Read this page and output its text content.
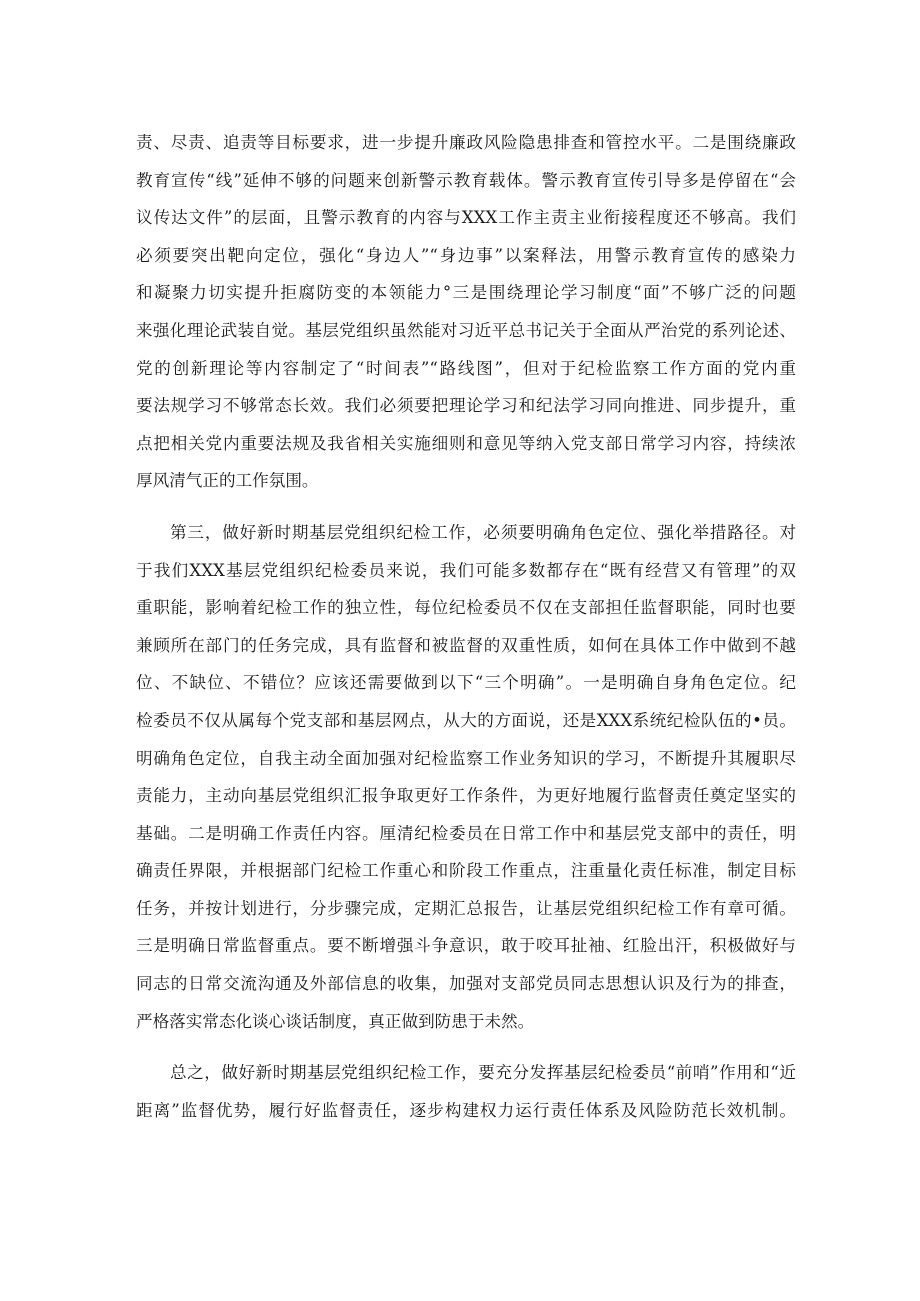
责、尽责、追责等目标要求，进一步提升廉政风险隐患排查和管控水平。二是围绕廉政
教育宣传“线”延伸不够的问题来创新警示教育载体。警示教育宣传引导多是停留在“会
议传达文件”的层面，且警示教育的内容与XXX工作主责主业衔接程度还不够高。我们
必须要突出靶向定位，强化“身边人”“身边事”以案释法，用警示教育宣传的感染力
和凝聚力切实提升拒腐防变的本领能力°三是围绕理论学习制度“面”不够广泛的问题
来强化理论武装自觉。基层党组织虽然能对习近平总书记关于全面从严治党的系列论述、
党的创新理论等内容制定了“时间表”“路线图”，但对于纪检监察工作方面的党内重
要法规学习不够常态长效。我们必须要把理论学习和纪法学习同向推进、同步提升，重
点把相关党内重要法规及我省相关实施细则和意见等纳入党支部日常学习内容，持续浓
厚风清气正的工作氛围。
第三，做好新时期基层党组织纪检工作，必须要明确角色定位、强化举措路径。对
于我们XXX基层党组织纪检委员来说，我们可能多数都存在“既有经营又有管理”的双
重职能，影响着纪检工作的独立性，每位纪检委员不仅在支部担任监督职能，同时也要
兼顾所在部门的任务完成，具有监督和被监督的双重性质，如何在具体工作中做到不越
位、不缺位、不错位？应该还需要做到以下“三个明确”。一是明确自身角色定位。纪
检委员不仅从属每个党支部和基层网点，从大的方面说，还是XXX系统纪检队伍的•员。
明确角色定位，自我主动全面加强对纪检监察工作业务知识的学习，不断提升其履职尽
责能力，主动向基层党组织汇报争取更好工作条件，为更好地履行监督责任奠定坚实的
基础。二是明确工作责任内容。厘清纪检委员在日常工作中和基层党支部中的责任，明
确责任界限，并根据部门纪检工作重心和阶段工作重点，注重量化责任标准，制定目标
任务，并按计划进行，分步骤完成，定期汇总报告，让基层党组织纪检工作有章可循。
三是明确日常监督重点。要不断增强斗争意识，敢于咬耳扯袖、红脸出汗，积极做好与
同志的日常交流沟通及外部信息的收集，加强对支部党员同志思想认识及行为的排查，
严格落实常态化谈心谈话制度，真正做到防患于未然。
总之，做好新时期基层党组织纪检工作，要充分发挥基层纪检委员“前哨”作用和“近
距离”监督优势，履行好监督责任，逐步构建权力运行责任体系及风险防范长效机制。
